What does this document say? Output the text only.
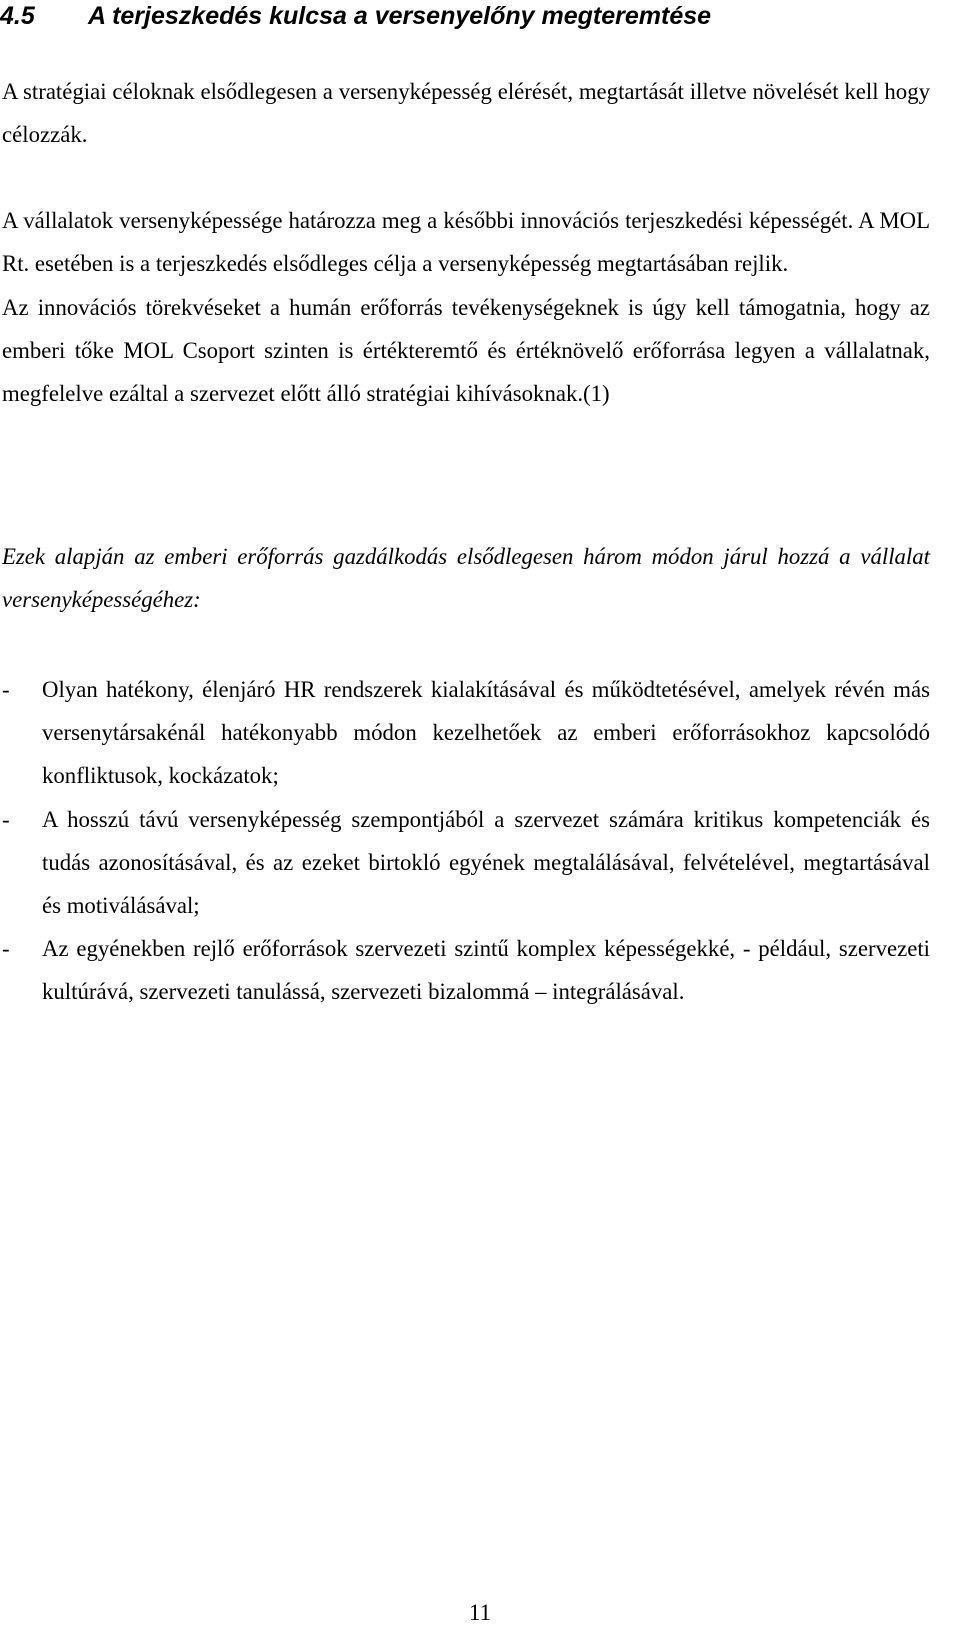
4.5 A terjeszkedés kulcsa a versenyelőny megteremtése

A stratégiai céloknak elsődlegesen a versenyképesség elérését, megtartását illetve növelését kell hogy célozzák.

A vállalatok versenyképessége határozza meg a későbbi innovációs terjeszkedési képességét. A MOL Rt. esetében is a terjeszkedés elsődleges célja a versenyképesség megtartásában rejlik.

Az innovációs törekvéseket a humán erőforrás tevékenységeknek is úgy kell támogatnia, hogy az emberi tőke MOL Csoport szinten is értékteremtő és értéknövelő erőforrása legyen a vállalatnak, megfelelve ezáltal a szervezet előtt álló stratégiai kihívásoknak.(1)

Ezek alapján az emberi erőforrás gazdálkodás elsődlegesen három módon járul hozzá a vállalat versenyképességéhez:

-	Olyan hatékony, élenjáró HR rendszerek kialakításával és működtetésével, amelyek révén más versenytársakénál hatékonyabb módon kezelhetőek az emberi erőforrásokhoz kapcsolódó konfliktusok, kockázatok;
-	A hosszú távú versenyképesség szempontjából a szervezet számára kritikus kompetenciák és tudás azonosításával, és az ezeket birtokló egyének megtalálásával, felvételével, megtartásával és motiválásával;
-	Az egyénekben rejlő erőforrások szervezeti szintű komplex képességekké, - például, szervezeti kultúrává, szervezeti tanulássá, szervezeti bizalommá – integrálásával.
11
